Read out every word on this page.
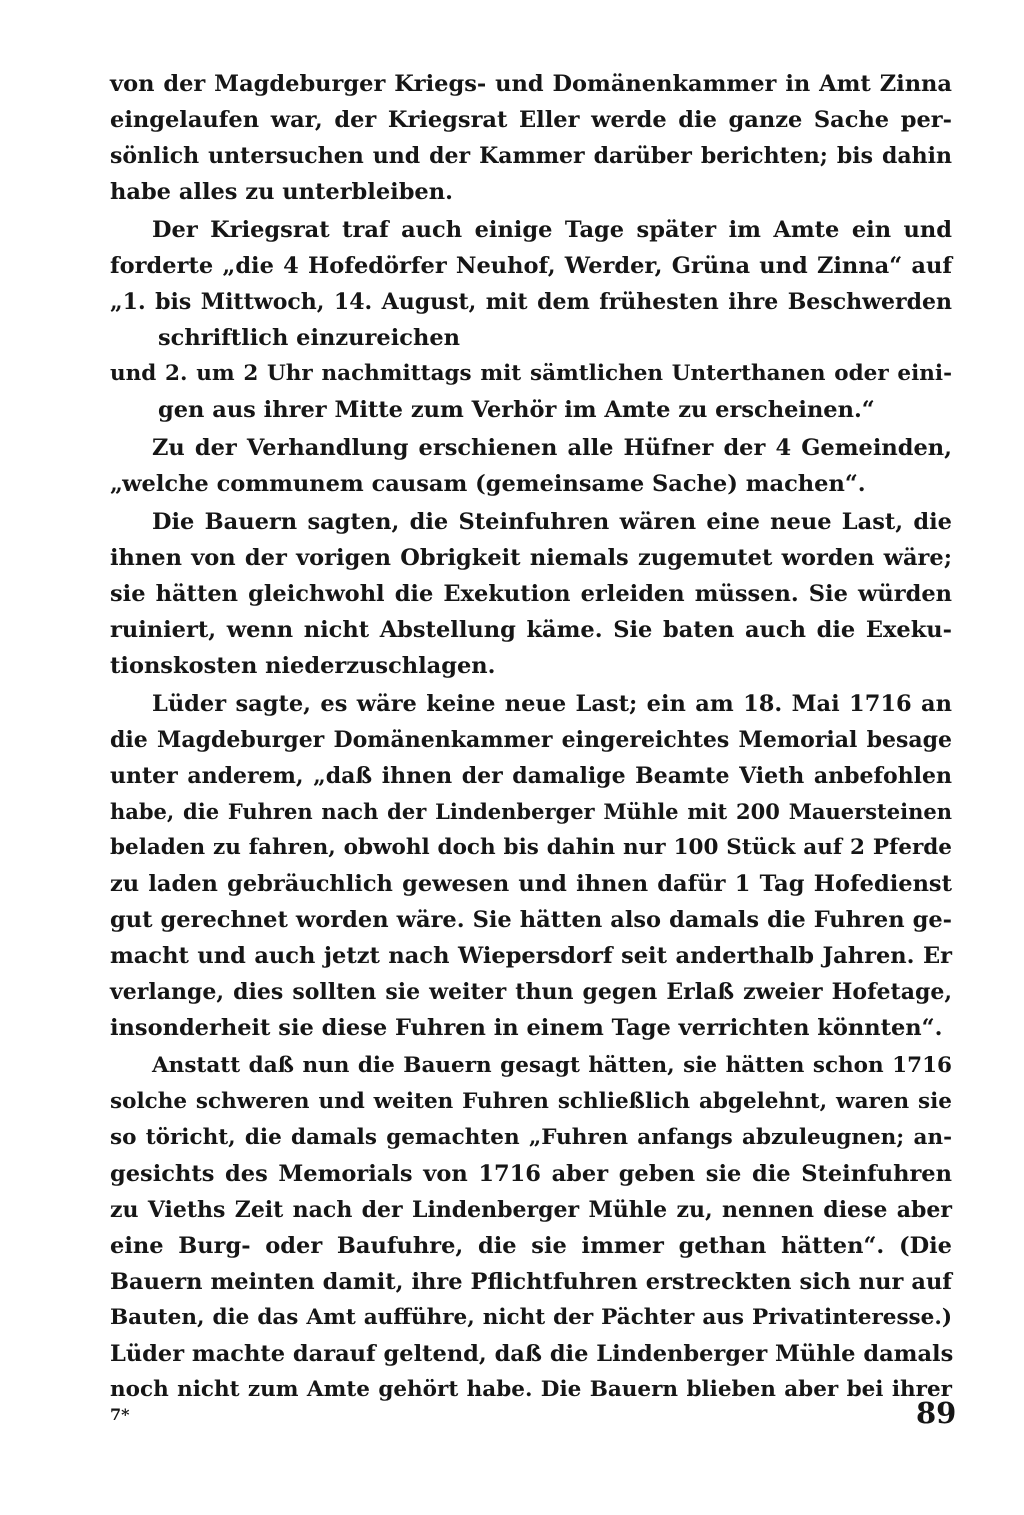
von der Magdeburger Kriegs- und Domänenkammer in Amt Zinna
eingelaufen war, der Kriegsrat Eller werde die ganze Sache per-
sönlich untersuchen und der Kammer darüber berichten; bis dahin
habe alles zu unterbleiben.
Der Kriegsrat traf auch einige Tage später im Amte ein und
forderte „die 4 Hofedörfer Neuhof, Werder, Grüna und Zinna“ auf
„1. bis Mittwoch, 14. August, mit dem frühesten ihre Beschwerden
schriftlich einzureichen
und 2. um 2 Uhr nachmittags mit sämtlichen Unterthanen oder eini-
gen aus ihrer Mitte zum Verhör im Amte zu erscheinen.“
Zu der Verhandlung erschienen alle Hüfner der 4 Gemeinden,
„welche communem causam (gemeinsame Sache) machen“.
Die Bauern sagten, die Steinfuhren wären eine neue Last, die
ihnen von der vorigen Obrigkeit niemals zugemutet worden wäre;
sie hätten gleichwohl die Exekution erleiden müssen. Sie würden
ruiniert, wenn nicht Abstellung käme. Sie baten auch die Exeku-
tionskosten niederzuschlagen.
Lüder sagte, es wäre keine neue Last; ein am 18. Mai 1716 an
die Magdeburger Domänenkammer eingereichtes Memorial besage
unter anderem, „daß ihnen der damalige Beamte Vieth anbefohlen
habe, die Fuhren nach der Lindenberger Mühle mit 200 Mauersteinen
beladen zu fahren, obwohl doch bis dahin nur 100 Stück auf 2 Pferde
zu laden gebräuchlich gewesen und ihnen dafür 1 Tag Hofedienst
gut gerechnet worden wäre. Sie hätten also damals die Fuhren ge-
macht und auch jetzt nach Wiepersdorf seit anderthalb Jahren. Er
verlange, dies sollten sie weiter thun gegen Erlaß zweier Hofetage,
insonderheit sie diese Fuhren in einem Tage verrichten könnten“.
Anstatt daß nun die Bauern gesagt hätten, sie hätten schon 1716
solche schweren und weiten Fuhren schließlich abgelehnt, waren sie
so töricht, die damals gemachten „Fuhren anfangs abzuleugnen; an-
gesichts des Memorials von 1716 aber geben sie die Steinfuhren
zu Vieths Zeit nach der Lindenberger Mühle zu, nennen diese aber
eine Burg- oder Baufuhre, die sie immer gethan hätten“. (Die
Bauern meinten damit, ihre Pflichtfuhren erstreckten sich nur auf
Bauten, die das Amt aufführe, nicht der Pächter aus Privatinteresse.)
Lüder machte darauf geltend, daß die Lindenberger Mühle damals
noch nicht zum Amte gehört habe. Die Bauern blieben aber bei ihrer
7*	89
